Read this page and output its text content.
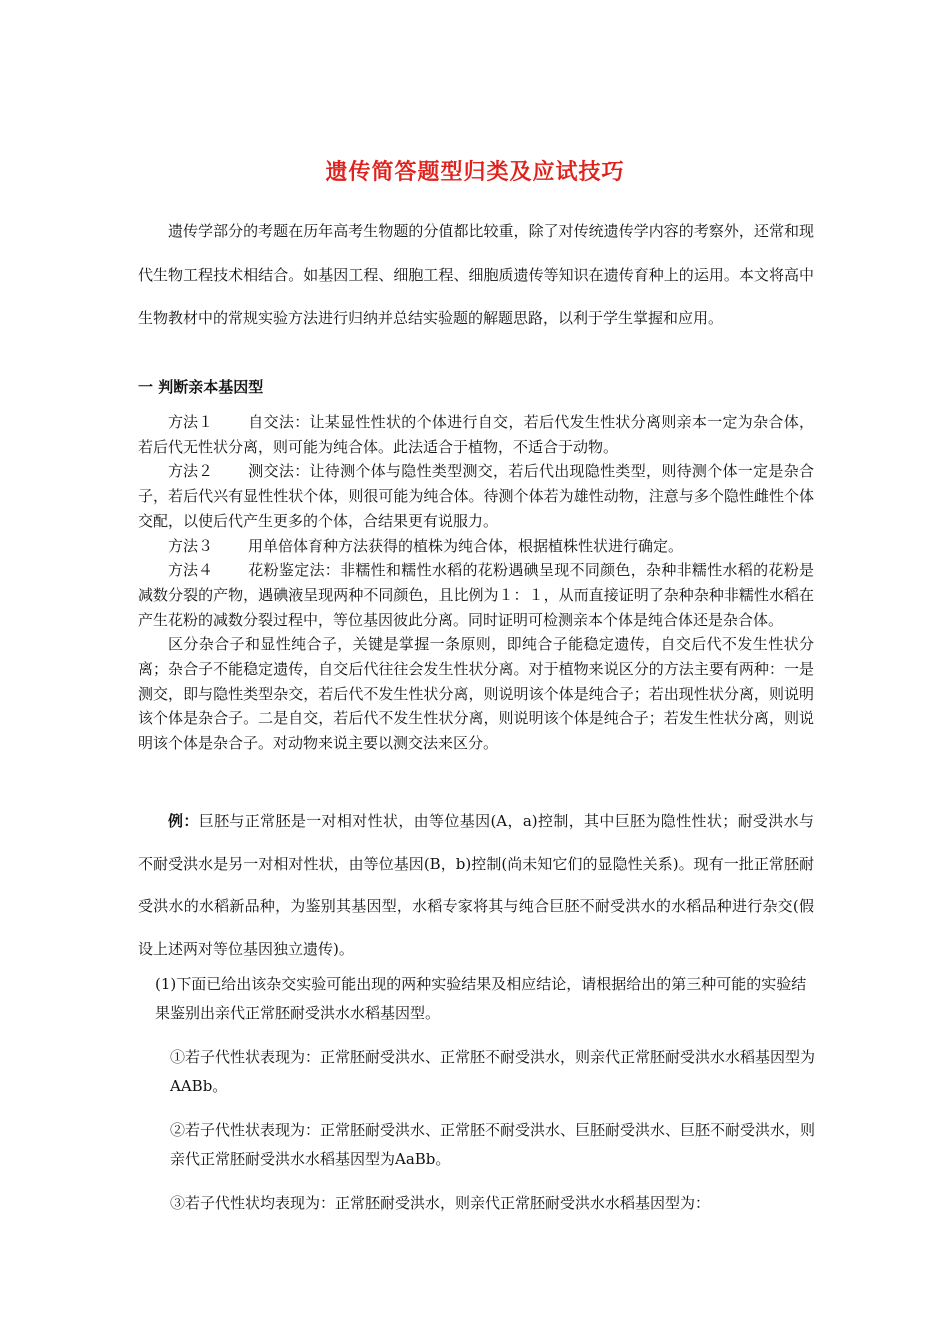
遗传简答题型归类及应试技巧

遗传学部分的考题在历年高考生物题的分值都比较重，除了对传统遗传学内容的考察外，还常和现代生物工程技术相结合。如基因工程、细胞工程、细胞质遗传等知识在遗传育种上的运用。本文将高中生物教材中的常规实验方法进行归纳并总结实验题的解题思路，以利于学生掌握和应用。

一 判断亲本基因型

方法１ 自交法：让某显性性状的个体进行自交，若后代发生性状分离则亲本一定为杂合体，若后代无性状分离，则可能为纯合体。此法适合于植物，不适合于动物。

方法２ 测交法：让待测个体与隐性类型测交，若后代出现隐性类型，则待测个体一定是杂合子，若后代兴有显性性状个体，则很可能为纯合体。待测个体若为雄性动物，注意与多个隐性雌性个体交配，以使后代产生更多的个体，合结果更有说服力。

方法３ 用单倍体育种方法获得的植株为纯合体，根据植株性状进行确定。

方法４ 花粉鉴定法：非糯性和糯性水稻的花粉遇碘呈现不同颜色，杂种非糯性水稻的花粉是减数分裂的产物，遇碘液呈现两种不同颜色，且比例为１：１，从而直接证明了杂种杂种非糯性水稻在产生花粉的减数分裂过程中，等位基因彼此分离。同时证明可检测亲本个体是纯合体还是杂合体。

区分杂合子和显性纯合子，关键是掌握一条原则，即纯合子能稳定遗传，自交后代不发生性状分离；杂合子不能稳定遗传，自交后代往往会发生性状分离。对于植物来说区分的方法主要有两种：一是测交，即与隐性类型杂交，若后代不发生性状分离，则说明该个体是纯合子；若出现性状分离，则说明该个体是杂合子。二是自交，若后代不发生性状分离，则说明该个体是纯合子；若发生性状分离，则说明该个体是杂合子。对动物来说主要以测交法来区分。

例：巨胚与正常胚是一对相对性状，由等位基因(A，a)控制，其中巨胚为隐性性状；耐受洪水与不耐受洪水是另一对相对性状，由等位基因(B，b)控制(尚未知它们的显隐性关系)。现有一批正常胚耐受洪水的水稻新品种，为鉴别其基因型，水稻专家将其与纯合巨胚不耐受洪水的水稻品种进行杂交(假设上述两对等位基因独立遗传)。

(1)下面已给出该杂交实验可能出现的两种实验结果及相应结论，请根据给出的第三种可能的实验结果鉴别出亲代正常胚耐受洪水水稻基因型。

①若子代性状表现为：正常胚耐受洪水、正常胚不耐受洪水，则亲代正常胚耐受洪水水稻基因型为AABb。

②若子代性状表现为：正常胚耐受洪水、正常胚不耐受洪水、巨胚耐受洪水、巨胚不耐受洪水，则亲代正常胚耐受洪水水稻基因型为AaBb。

③若子代性状均表现为：正常胚耐受洪水，则亲代正常胚耐受洪水水稻基因型为：
